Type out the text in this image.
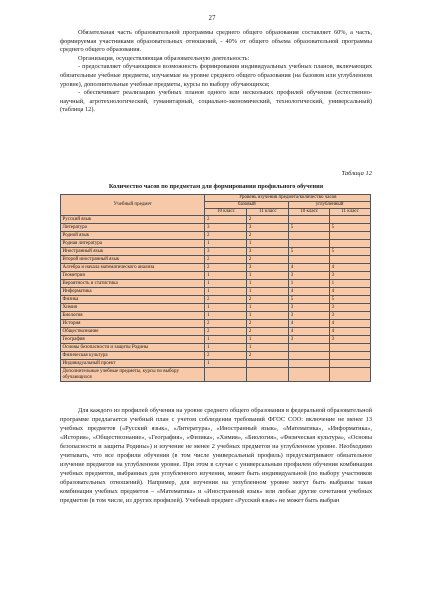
27

Обязательная часть образовательной программы среднего общего образования составляет 60%, а часть, формируемая участниками образовательных отношений, - 40% от общего объема образовательной программы среднего общего образования.

Организация, осуществляющая образовательную деятельность:

- предоставляет обучающимся возможность формирования индивидуальных учебных планов, включающих обязательные учебные предметы, изучаемые на уровне среднего общего образования (на базовом или углубленном уровне), дополнительные учебные предметы, курсы по выбору обучающихся;

- обеспечивает реализацию учебных планов одного или нескольких профилей обучения (естественно-научный, агротехнологический, гуманитарный, социально-экономический, технологический, универсальный) (таблица 12).

Таблица 12
Количество часов по предметам для формирования профильного обучения
Учебный предмет	Уровень изучения предмета/количество часов			
	базовый		углубленный	
	10 класс	11 класс	10 класс	11 класс
Русский язык	2	2		
Литература	3	3	5	5
Родной язык	2	2		
Родная литература	1	1		
Иностранный язык	3	3	5	5
Второй иностранный язык	2	2		
Алгебра и начала математического анализа	2	3	4	4
Геометрия	1	1	3	3
Вероятность и статистика	1	1	1	1
Информатика	1	1	4	4
Физика	2	2	5	5
Химия	1	1	3	3
Биология	1	1	3	3
История	2	2	4	4
Обществознание	2	2	4	4
География	1	1	3	3
Основы безопасности и защиты Родины	1	1		
Физическая культура	2	2		
Индивидуальный проект	1			
Дополнительные учебные предметы, курсы по выбору обучающихся				

Для каждого из профилей обучения на уровне среднего общего образования в федеральной образовательной программе предлагается учебный план с учетом соблюдения требований ФГОС СОО: включение не менее 13 учебных предметов («Русский язык», «Литература», «Иностранный язык», «Математика», «Информатика», «История», «Обществознание», «География», «Физика», «Химия», «Биология», «Физическая культура», «Основы безопасности и защиты Родины») и изучение не менее 2 учебных предметов на углубленном уровне. Необходимо учитывать, что все профили обучения (в том числе универсальный профиль) предусматривают обязательное изучение предметов на углубленном уровне. При этом в случае с универсальным профилем обучения комбинация учебных предметов, выбранных для углубленного изучения, может быть индивидуальной (по выбору участников образовательных отношений). Например, для изучения на углубленном уровне могут быть выбраны такая комбинация учебных предметов – «Математика» и «Иностранный язык» или любые другие сочетания учебных предметов (в том числе, из других профилей). Учебный предмет «Русский язык» не может быть выбран
